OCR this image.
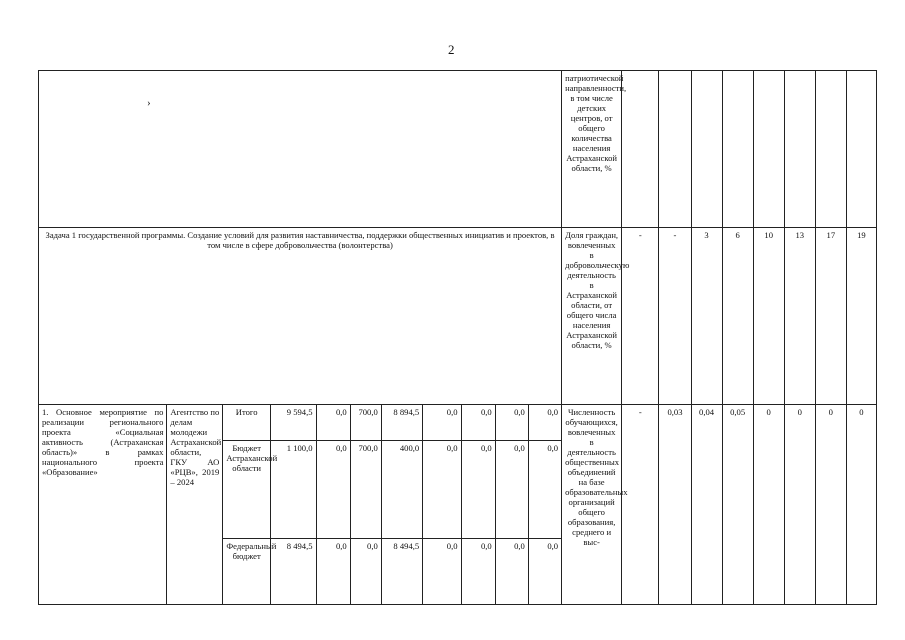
2
›
											патриотической направленности, в том числе детских центров, от общего количества населения Астраханской области, %								
Задача 1 государственной программы. Создание условий для развития наставничества, поддержки общественных инициатив и проектов, в том числе в сфере добровольчества (волонтерства)											Доля граждан, вовлеченных в добровольческую деятельность в Астраханской области, от общего числа населения Астраханской области, %	-	-	3	6	10	13	17	19
1. Основное мероприятие по реализации регионального проекта «Социальная активность (Астраханская область)» в рамках национального проекта «Образование»	Агентство по делам молодежи Астраханской области, ГКУ АО «РЦВ», 2019 – 2024	Итого	9 594,5	0,0	700,0	8 894,5	0,0	0,0	0,0	0,0	Численность обучающихся, вовлеченных в деятельность общественных объединений на базе образовательных организаций общего образования, среднего и выс-	-	0,03	0,04	0,05	0	0	0	0
		Бюджет Астраханской области	1 100,0	0,0	700,0	400,0	0,0	0,0	0,0	0,0									
		Федеральный бюджет	8 494,5	0,0	0,0	8 494,5	0,0	0,0	0,0	0,0									
